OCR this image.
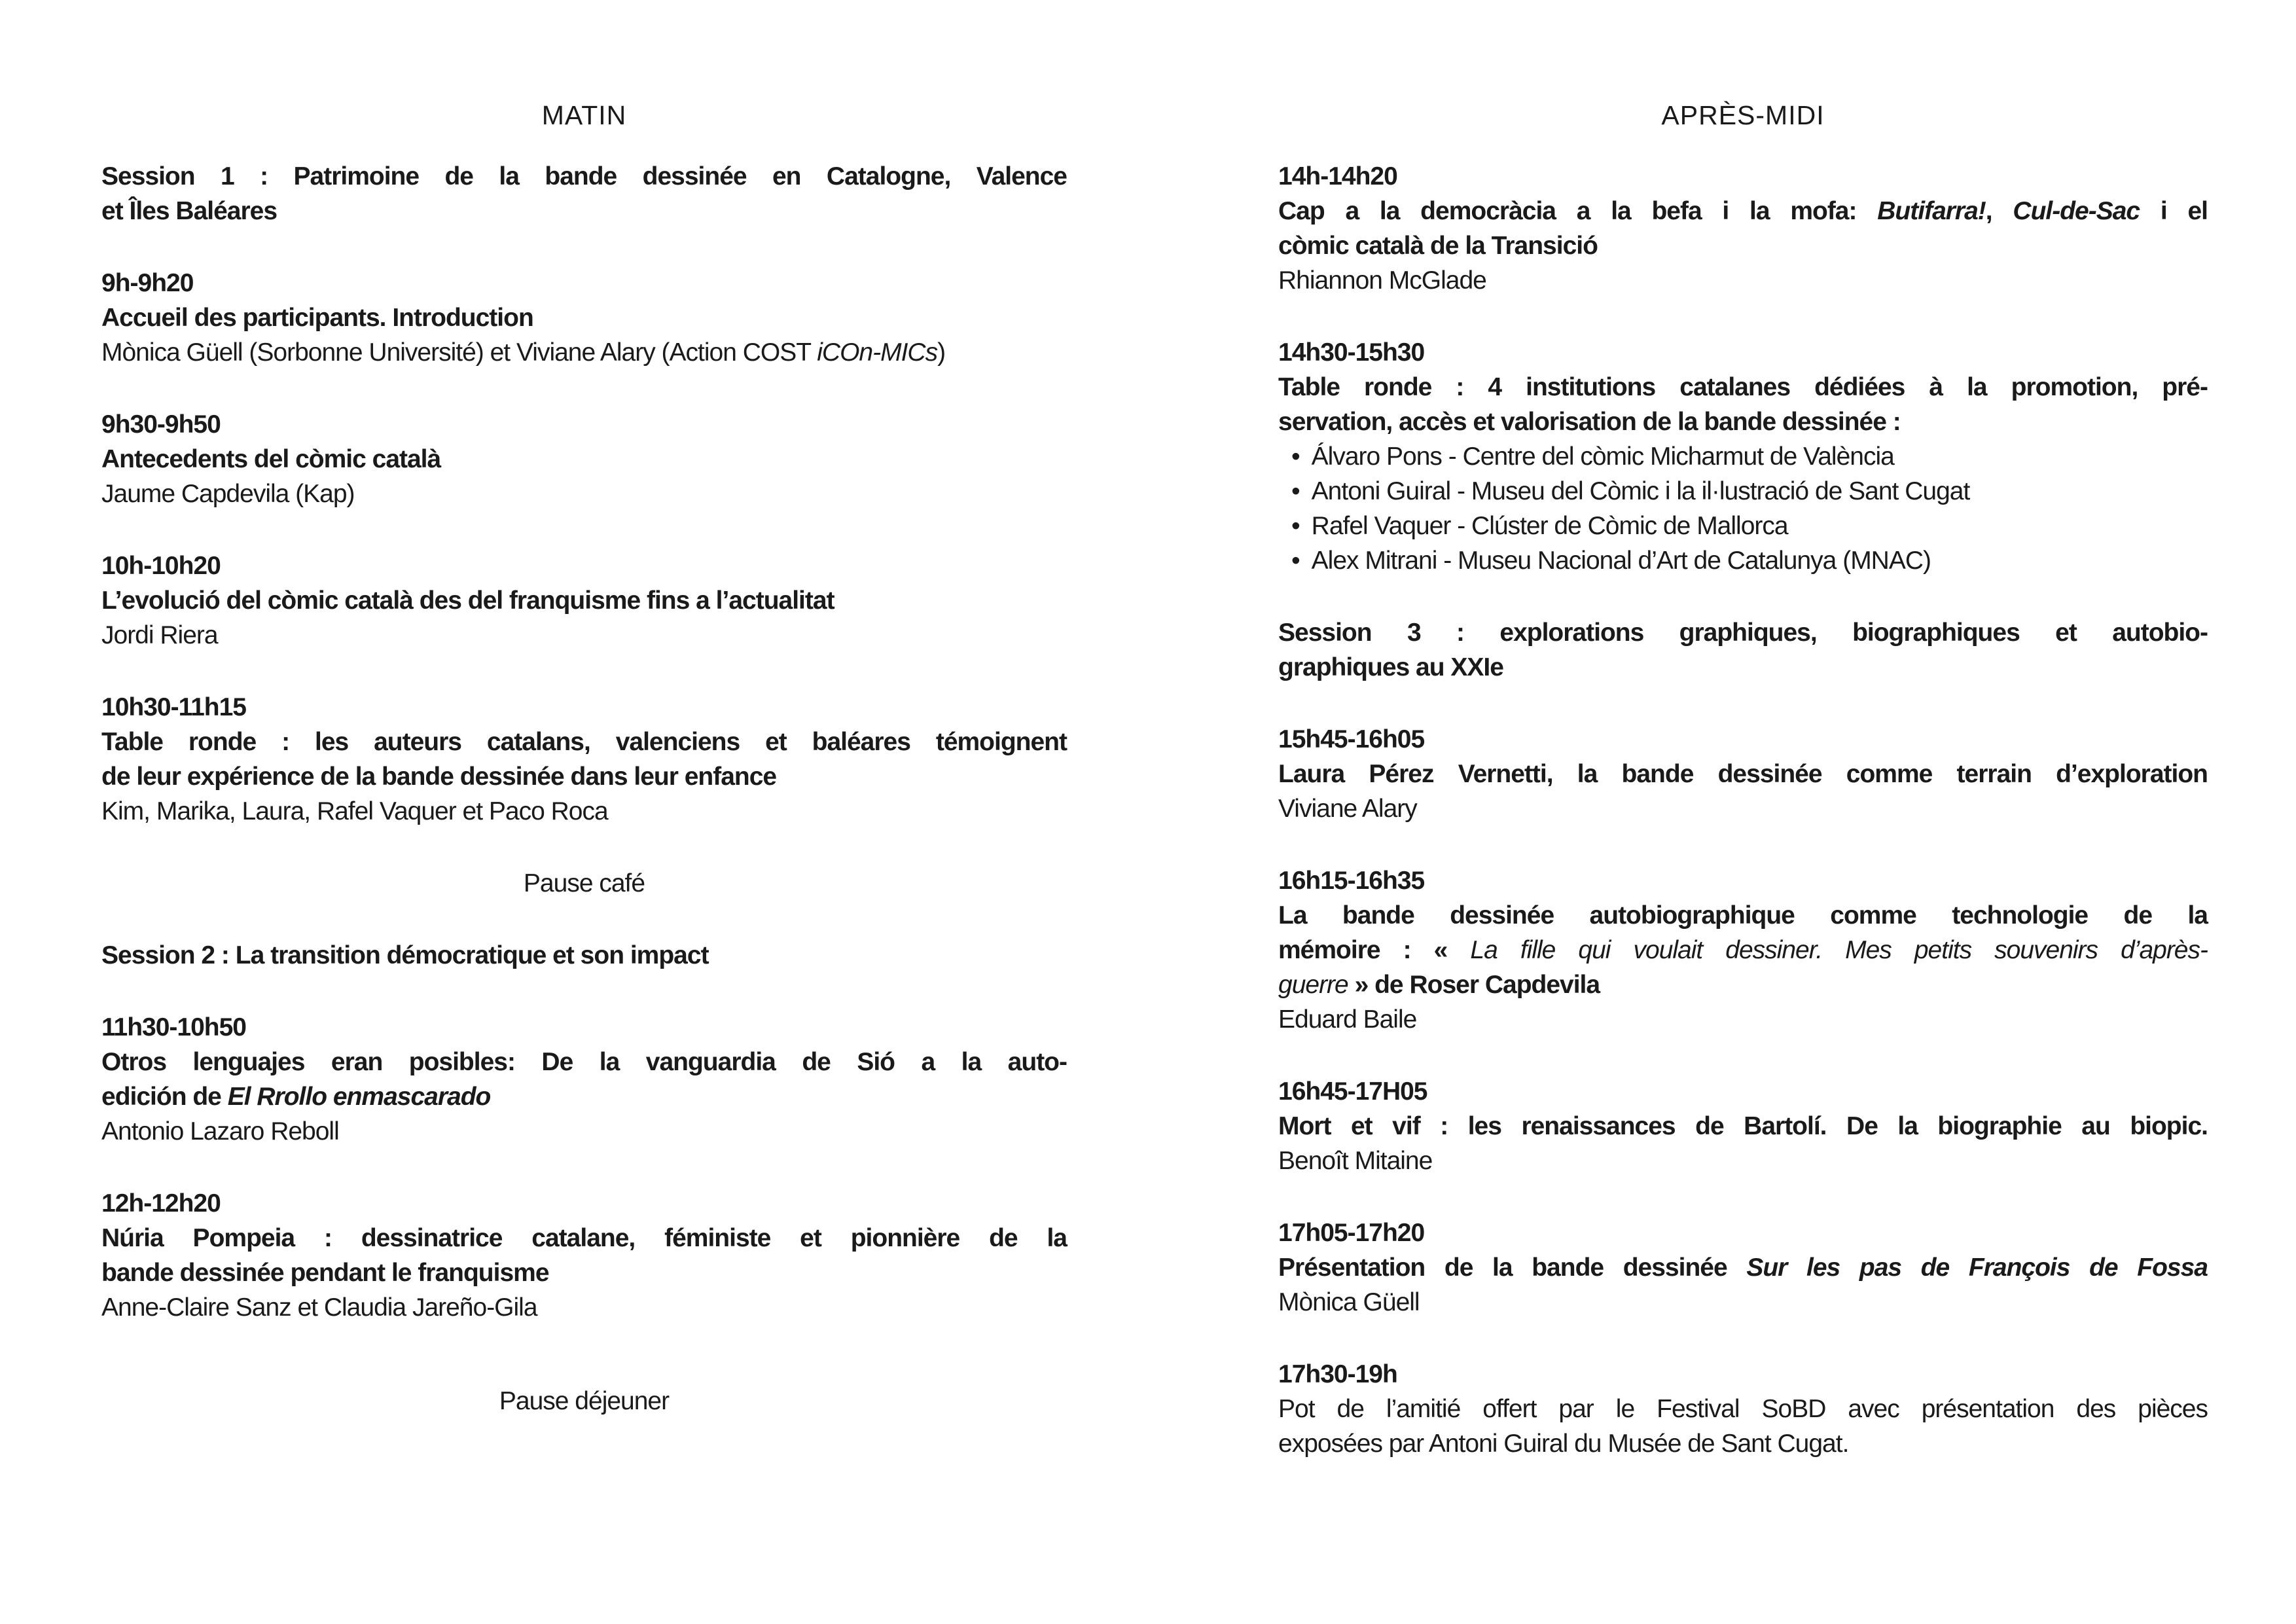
MATIN
Session 1 : Patrimoine de la bande dessinée en Catalogne, Valence
et Îles Baléares
9h-9h20
Accueil des participants. Introduction
Mònica Güell (Sorbonne Université) et Viviane Alary (Action COST iCOn-MICs)
9h30-9h50
Antecedents del còmic català
Jaume Capdevila (Kap)
10h-10h20
L’evolució del còmic català des del franquisme fins a l’actualitat
Jordi Riera
10h30-11h15
Table ronde : les auteurs catalans, valenciens et baléares témoignent
de leur expérience de la bande dessinée dans leur enfance
Kim, Marika, Laura, Rafel Vaquer et Paco Roca
Pause café
Session 2 : La transition démocratique et son impact
11h30-10h50
Otros lenguajes eran posibles: De la vanguardia de Sió a la auto-
edición de El Rrollo enmascarado
Antonio Lazaro Reboll
12h-12h20
Núria Pompeia : dessinatrice catalane, féministe et pionnière de la
bande dessinée pendant le franquisme
Anne-Claire Sanz et Claudia Jareño-Gila
Pause déjeuner
APRÈS-MIDI
14h-14h20
Cap a la democràcia a la befa i la mofa: Butifarra!, Cul-de-Sac i el
còmic català de la Transició
Rhiannon McGlade
14h30-15h30
Table ronde : 4 institutions catalanes dédiées à la promotion, pré-
servation, accès et valorisation de la bande dessinée :
• Álvaro Pons - Centre del còmic Micharmut de València
• Antoni Guiral - Museu del Còmic i la il·lustració de Sant Cugat
• Rafel Vaquer - Clúster de Còmic de Mallorca
• Alex Mitrani - Museu Nacional d’Art de Catalunya (MNAC)
Session 3 : explorations graphiques, biographiques et autobio-
graphiques au XXIe
15h45-16h05
Laura Pérez Vernetti, la bande dessinée comme terrain d’exploration
Viviane Alary
16h15-16h35
La bande dessinée autobiographique comme technologie de la
mémoire : « La fille qui voulait dessiner. Mes petits souvenirs d’après-
guerre » de Roser Capdevila
Eduard Baile
16h45-17H05
Mort et vif : les renaissances de Bartolí. De la biographie au biopic.
Benoît Mitaine
17h05-17h20
Présentation de la bande dessinée Sur les pas de François de Fossa
Mònica Güell
17h30-19h
Pot de l’amitié offert par le Festival SoBD avec présentation des pièces
exposées par Antoni Guiral du Musée de Sant Cugat.
